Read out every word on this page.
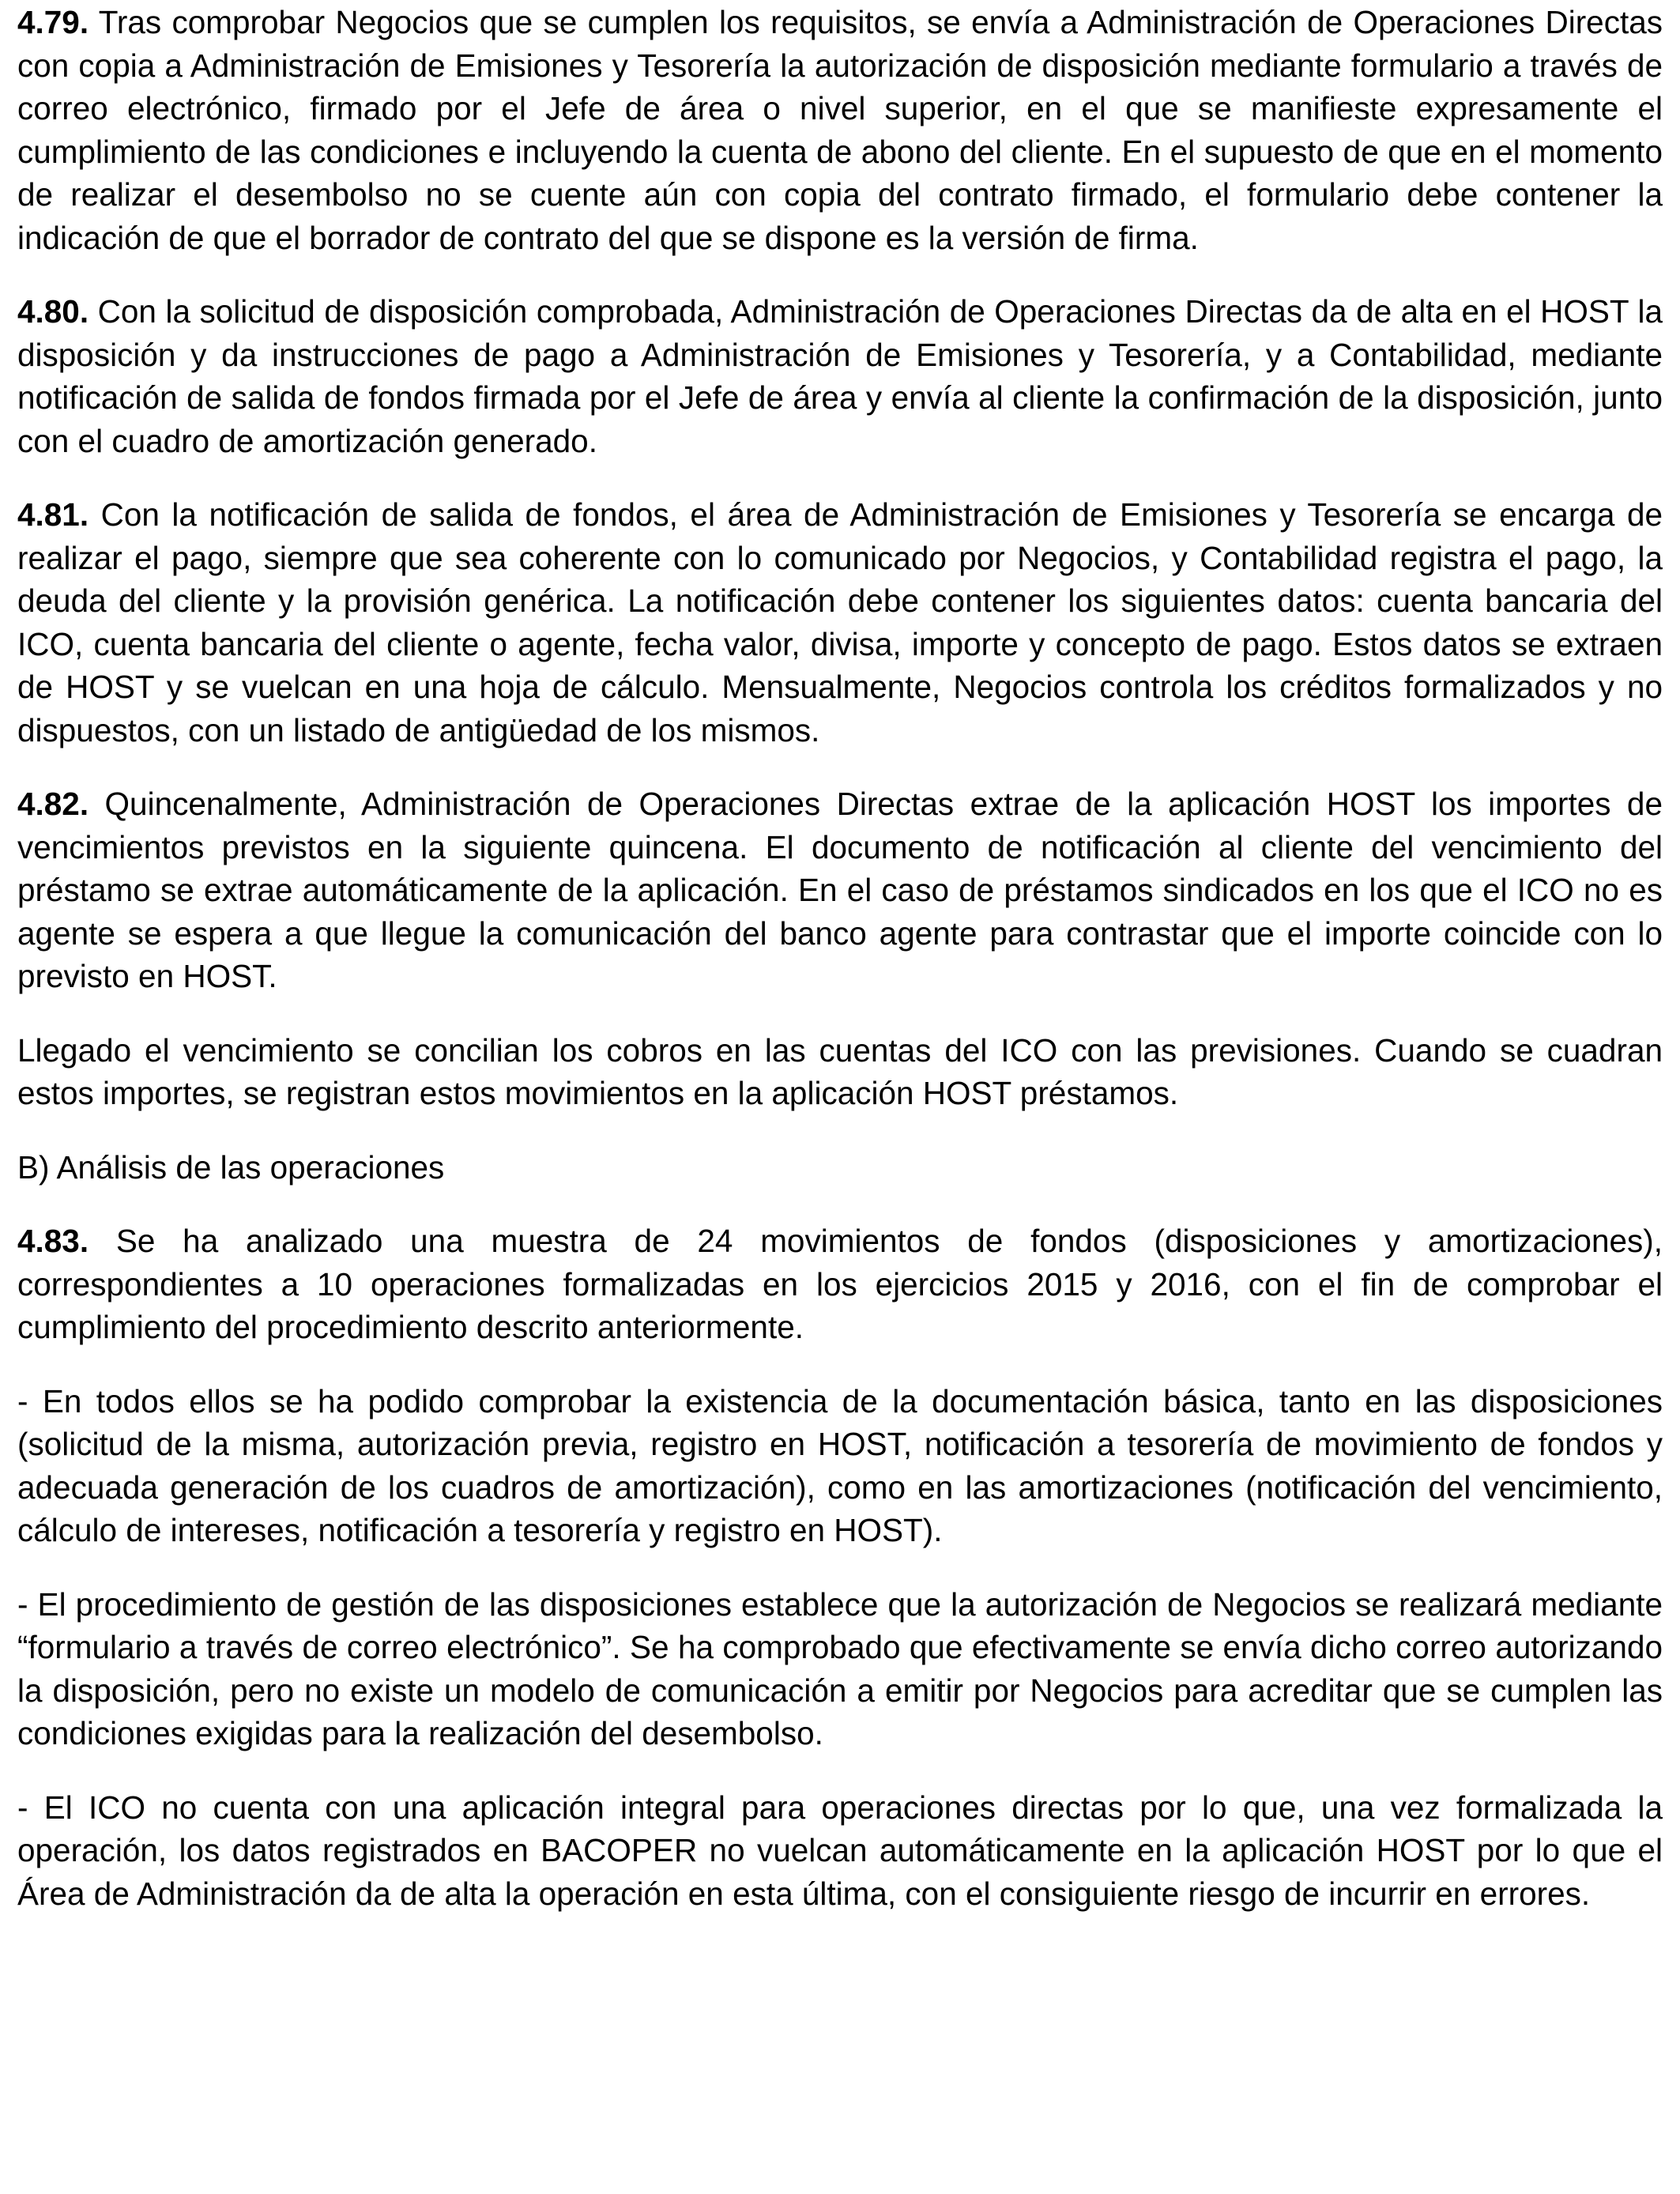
4.79. Tras comprobar Negocios que se cumplen los requisitos, se envía a Administración de Operaciones Directas con copia a Administración de Emisiones y Tesorería la autorización de disposición mediante formulario a través de correo electrónico, firmado por el Jefe de área o nivel superior, en el que se manifieste expresamente el cumplimiento de las condiciones e incluyendo la cuenta de abono del cliente. En el supuesto de que en el momento de realizar el desembolso no se cuente aún con copia del contrato firmado, el formulario debe contener la indicación de que el borrador de contrato del que se dispone es la versión de firma.

4.80. Con la solicitud de disposición comprobada, Administración de Operaciones Directas da de alta en el HOST la disposición y da instrucciones de pago a Administración de Emisiones y Tesorería, y a Contabilidad, mediante notificación de salida de fondos firmada por el Jefe de área y envía al cliente la confirmación de la disposición, junto con el cuadro de amortización generado.

4.81. Con la notificación de salida de fondos, el área de Administración de Emisiones y Tesorería se encarga de realizar el pago, siempre que sea coherente con lo comunicado por Negocios, y Contabilidad registra el pago, la deuda del cliente y la provisión genérica. La notificación debe contener los siguientes datos: cuenta bancaria del ICO, cuenta bancaria del cliente o agente, fecha valor, divisa, importe y concepto de pago. Estos datos se extraen de HOST y se vuelcan en una hoja de cálculo. Mensualmente, Negocios controla los créditos formalizados y no dispuestos, con un listado de antigüedad de los mismos.

4.82. Quincenalmente, Administración de Operaciones Directas extrae de la aplicación HOST los importes de vencimientos previstos en la siguiente quincena. El documento de notificación al cliente del vencimiento del préstamo se extrae automáticamente de la aplicación. En el caso de préstamos sindicados en los que el ICO no es agente se espera a que llegue la comunicación del banco agente para contrastar que el importe coincide con lo previsto en HOST.

Llegado el vencimiento se concilian los cobros en las cuentas del ICO con las previsiones. Cuando se cuadran estos importes, se registran estos movimientos en la aplicación HOST préstamos.

B) Análisis de las operaciones

4.83. Se ha analizado una muestra de 24 movimientos de fondos (disposiciones y amortizaciones), correspondientes a 10 operaciones formalizadas en los ejercicios 2015 y 2016, con el fin de comprobar el cumplimiento del procedimiento descrito anteriormente.

- En todos ellos se ha podido comprobar la existencia de la documentación básica, tanto en las disposiciones (solicitud de la misma, autorización previa, registro en HOST, notificación a tesorería de movimiento de fondos y adecuada generación de los cuadros de amortización), como en las amortizaciones (notificación del vencimiento, cálculo de intereses, notificación a tesorería y registro en HOST).

- El procedimiento de gestión de las disposiciones establece que la autorización de Negocios se realizará mediante “formulario a través de correo electrónico”. Se ha comprobado que efectivamente se envía dicho correo autorizando la disposición, pero no existe un modelo de comunicación a emitir por Negocios para acreditar que se cumplen las condiciones exigidas para la realización del desembolso.

- El ICO no cuenta con una aplicación integral para operaciones directas por lo que, una vez formalizada la operación, los datos registrados en BACOPER no vuelcan automáticamente en la aplicación HOST por lo que el Área de Administración da de alta la operación en esta última, con el consiguiente riesgo de incurrir en errores.
